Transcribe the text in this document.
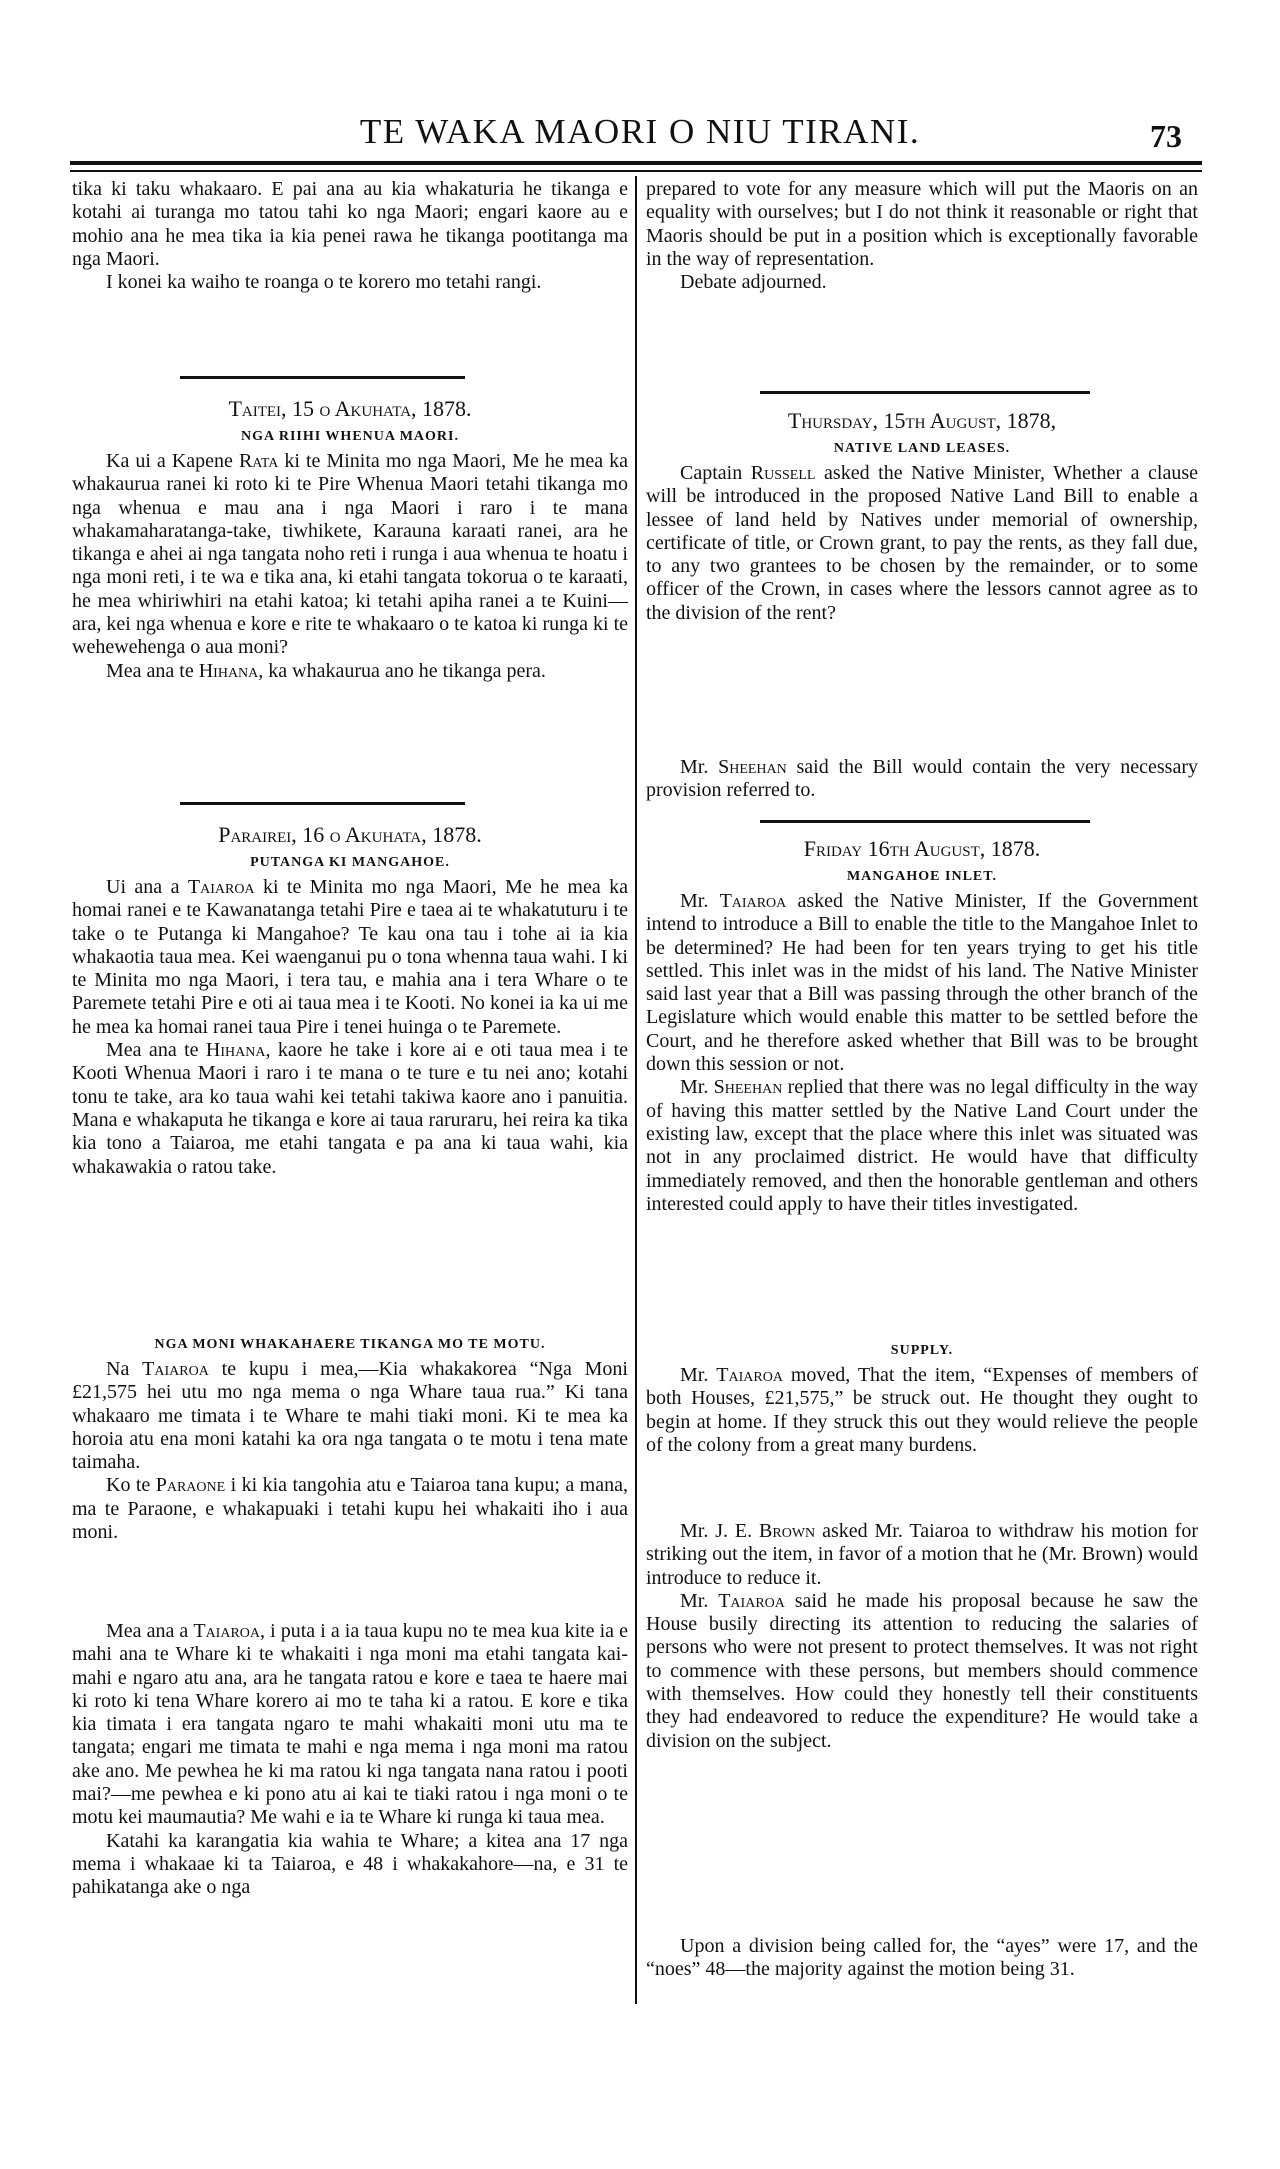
TE WAKA MAORI O NIU TIRANI.	73

tika ki taku whakaaro. E pai ana au kia whakaturia he tikanga e kotahi ai turanga mo tatou tahi ko nga Maori; engari kaore au e mohio ana he mea tika ia kia penei rawa he tikanga pootitanga ma nga Maori.

I konei ka waiho te roanga o te korero mo tetahi rangi.

Taitei, 15 o Akuhata, 1878.
NGA RIIHI WHENUA MAORI.

Ka ui a Kapene Rata ki te Minita mo nga Maori, Me he mea ka whakaurua ranei ki roto ki te Pire Whenua Maori tetahi tikanga mo nga whenua e mau ana i nga Maori i raro i te mana whakamaharatanga-take, tiwhikete, Karauna karaati ranei, ara he tikanga e ahei ai nga tangata noho reti i runga i aua whenua te hoatu i nga moni reti, i te wa e tika ana, ki etahi tangata tokorua o te karaati, he mea whiriwhiri na etahi katoa; ki tetahi apiha ranei a te Kuini—ara, kei nga whenua e kore e rite te whakaaro o te katoa ki runga ki te wehewehenga o aua moni?

Mea ana te Hihana, ka whakaurua ano he tikanga pera.

Parairei, 16 o Akuhata, 1878.
PUTANGA KI MANGAHOE.

Ui ana a Taiaroa ki te Minita mo nga Maori, Me he mea ka homai ranei e te Kawanatanga tetahi Pire e taea ai te whakatuturu i te take o te Putanga ki Mangahoe? Te kau ona tau i tohe ai ia kia whakaotia taua mea. Kei waenganui pu o tona whenna taua wahi. I ki te Minita mo nga Maori, i tera tau, e mahia ana i tera Whare o te Paremete tetahi Pire e oti ai taua mea i te Kooti. No konei ia ka ui me he mea ka homai ranei taua Pire i tenei huinga o te Paremete.

Mea ana te Hihana, kaore he take i kore ai e oti taua mea i te Kooti Whenua Maori i raro i te mana o te ture e tu nei ano; kotahi tonu te take, ara ko taua wahi kei tetahi takiwa kaore ano i panuitia. Mana e whakaputa he tikanga e kore ai taua raruraru, hei reira ka tika kia tono a Taiaroa, me etahi tangata e pa ana ki taua wahi, kia whakawakia o ratou take.

NGA MONI WHAKAHAERE TIKANGA MO TE MOTU.

Na Taiaroa te kupu i mea,—Kia whakakorea “Nga Moni £21,575 hei utu mo nga mema o nga Whare taua rua.” Ki tana whakaaro me timata i te Whare te mahi tiaki moni. Ki te mea ka horoia atu ena moni katahi ka ora nga tangata o te motu i tena mate taimaha.

Ko te Paraone i ki kia tangohia atu e Taiaroa tana kupu; a mana, ma te Paraone, e whakapuaki i tetahi kupu hei whakaiti iho i aua moni.

Mea ana a Taiaroa, i puta i a ia taua kupu no te mea kua kite ia e mahi ana te Whare ki te whakaiti i nga moni ma etahi tangata kai-mahi e ngaro atu ana, ara he tangata ratou e kore e taea te haere mai ki roto ki tena Whare korero ai mo te taha ki a ratou. E kore e tika kia timata i era tangata ngaro te mahi whakaiti moni utu ma te tangata; engari me timata te mahi e nga mema i nga moni ma ratou ake ano. Me pewhea he ki ma ratou ki nga tangata nana ratou i pooti mai?—me pewhea e ki pono atu ai kai te tiaki ratou i nga moni o te motu kei maumautia? Me wahi e ia te Whare ki runga ki taua mea.

Katahi ka karangatia kia wahia te Whare; a kitea ana 17 nga mema i whakaae ki ta Taiaroa, e 48 i whakakahore—na, e 31 te pahikatanga ake o nga

prepared to vote for any measure which will put the Maoris on an equality with ourselves; but I do not think it reasonable or right that Maoris should be put in a position which is exceptionally favorable in the way of representation.

Debate adjourned.

Thursday, 15th August, 1878,
NATIVE LAND LEASES.

Captain Russell asked the Native Minister, Whether a clause will be introduced in the proposed Native Land Bill to enable a lessee of land held by Natives under memorial of ownership, certificate of title, or Crown grant, to pay the rents, as they fall due, to any two grantees to be chosen by the remainder, or to some officer of the Crown, in cases where the lessors cannot agree as to the division of the rent?

Mr. Sheehan said the Bill would contain the very necessary provision referred to.

Friday 16th August, 1878.
MANGAHOE INLET.

Mr. Taiaroa asked the Native Minister, If the Government intend to introduce a Bill to enable the title to the Mangahoe Inlet to be determined? He had been for ten years trying to get his title settled. This inlet was in the midst of his land. The Native Minister said last year that a Bill was passing through the other branch of the Legislature which would enable this matter to be settled before the Court, and he therefore asked whether that Bill was to be brought down this session or not.

Mr. Sheehan replied that there was no legal difficulty in the way of having this matter settled by the Native Land Court under the existing law, except that the place where this inlet was situated was not in any proclaimed district. He would have that difficulty immediately removed, and then the honorable gentleman and others interested could apply to have their titles investigated.

SUPPLY.

Mr. Taiaroa moved, That the item, “Expenses of members of both Houses, £21,575,” be struck out. He thought they ought to begin at home. If they struck this out they would relieve the people of the colony from a great many burdens.

Mr. J. E. Brown asked Mr. Taiaroa to withdraw his motion for striking out the item, in favor of a motion that he (Mr. Brown) would introduce to reduce it.

Mr. Taiaroa said he made his proposal because he saw the House busily directing its attention to reducing the salaries of persons who were not present to protect themselves. It was not right to commence with these persons, but members should commence with themselves. How could they honestly tell their constituents they had endeavored to reduce the expenditure? He would take a division on the subject.

Upon a division being called for, the “ayes” were 17, and the “noes” 48—the majority against the motion being 31.
